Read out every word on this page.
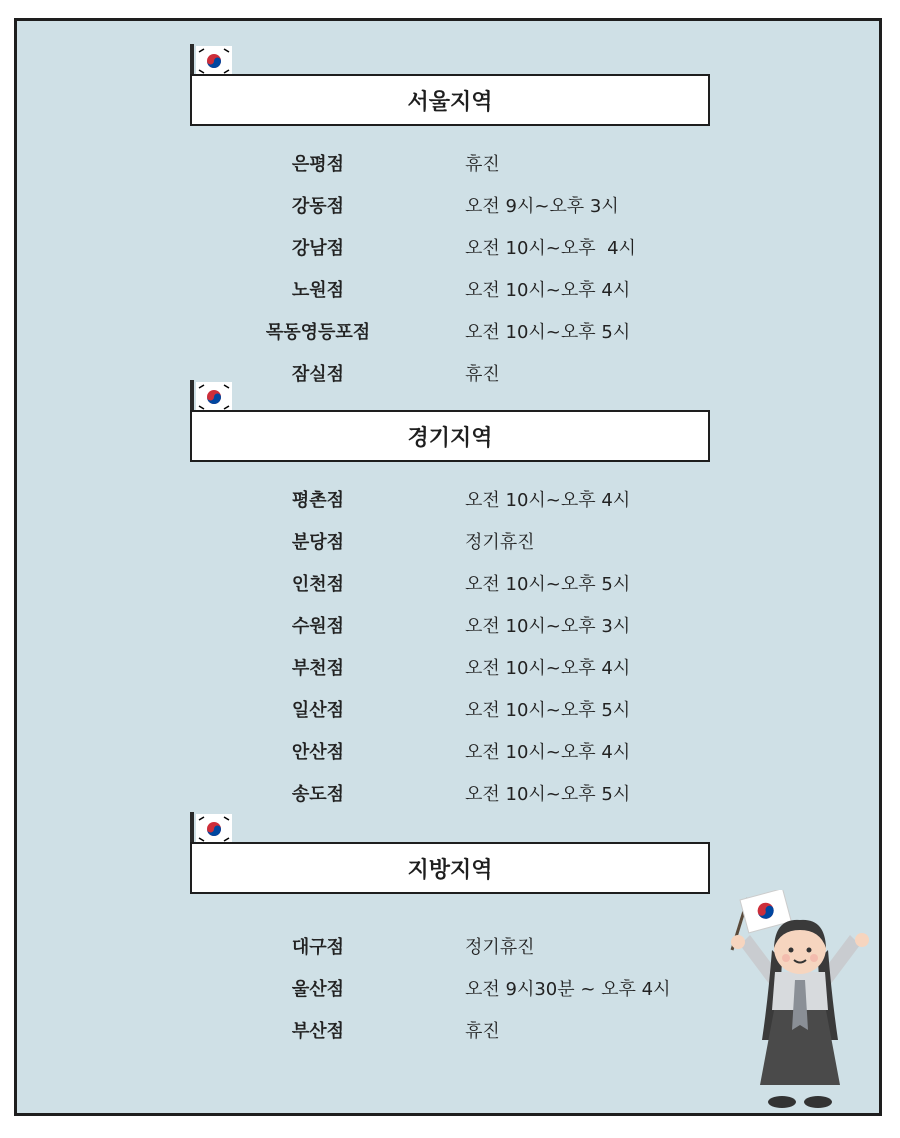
서울지역
은평점	휴진
강동점	오전 9시~오후 3시
강남점	오전 10시~오후  4시
노원점	오전 10시~오후 4시
목동영등포점	오전 10시~오후 5시
잠실점	휴진
경기지역
평촌점	오전 10시~오후 4시
분당점	정기휴진
인천점	오전 10시~오후 5시
수원점	오전 10시~오후 3시
부천점	오전 10시~오후 4시
일산점	오전 10시~오후 5시
안산점	오전 10시~오후 4시
송도점	오전 10시~오후 5시
지방지역
대구점	정기휴진
울산점	오전 9시30분 ~ 오후 4시
부산점	휴진
